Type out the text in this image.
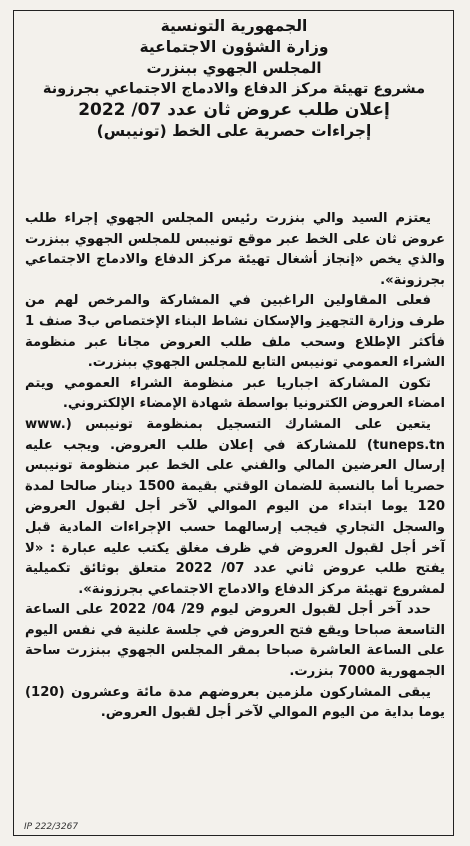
الجمهورية التونسية
وزارة الشؤون الاجتماعية
المجلس الجهوي ببنزرت
مشروع تهيئة مركز الدفاع والادماج الاجتماعي بجرزونة
إعلان طلب عروض ثان عدد 07/ 2022
إجراءات حصرية على الخط (تونيبس)

يعتزم السيد والي بنزرت رئيس المجلس الجهوي إجراء طلب عروض ثان على الخط عبر موقع تونيبس للمجلس الجهوي ببنزرت والذي يخص «إنجاز أشغال تهيئة مركز الدفاع والادماج الاجتماعي بجرزونة».

فعلى المقاولين الراغبين في المشاركة والمرخص لهم من طرف وزارة التجهيز والإسكان نشاط البناء الإختصاص ب3 صنف 1 فأكثر الإطلاع وسحب ملف طلب العروض مجانا عبر منظومة الشراء العمومي تونيبس التابع للمجلس الجهوي ببنزرت.

تكون المشاركة اجباريا عبر منظومة الشراء العمومي ويتم امضاء العروض الكترونيا بواسطة شهادة الإمضاء الإلكتروني.

يتعين على المشارك التسجيل بمنظومة تونيبس (www. tuneps.tn) للمشاركة في إعلان طلب العروض. ويجب عليه إرسال العرضين المالي والفني على الخط عبر منظومة تونيبس حصريا أما بالنسبة للضمان الوقتي بقيمة 1500 دينار صالحا لمدة 120 يوما ابتداء من اليوم الموالي لآخر أجل لقبول العروض والسجل التجاري فيجب إرسالهما حسب الإجراءات المادية قبل آخر أجل لقبول العروض في ظرف مغلق يكتب عليه عبارة : «لا يفتح طلب عروض ثاني عدد 07/ 2022 متعلق بوثائق تكميلية لمشروع تهيئة مركز الدفاع والادماج الاجتماعي بجرزونة».

حدد آخر أجل لقبول العروض ليوم 29/ 04/ 2022 على الساعة التاسعة صباحا ويقع فتح العروض في جلسة علنية في نفس اليوم على الساعة العاشرة صباحا بمقر المجلس الجهوي ببنزرت ساحة الجمهورية 7000 بنزرت.

يبقى المشاركون ملزمين بعروضهم مدة مائة وعشرون (120) يوما بداية من اليوم الموالي لآخر أجل لقبول العروض.

IP 222/3267
